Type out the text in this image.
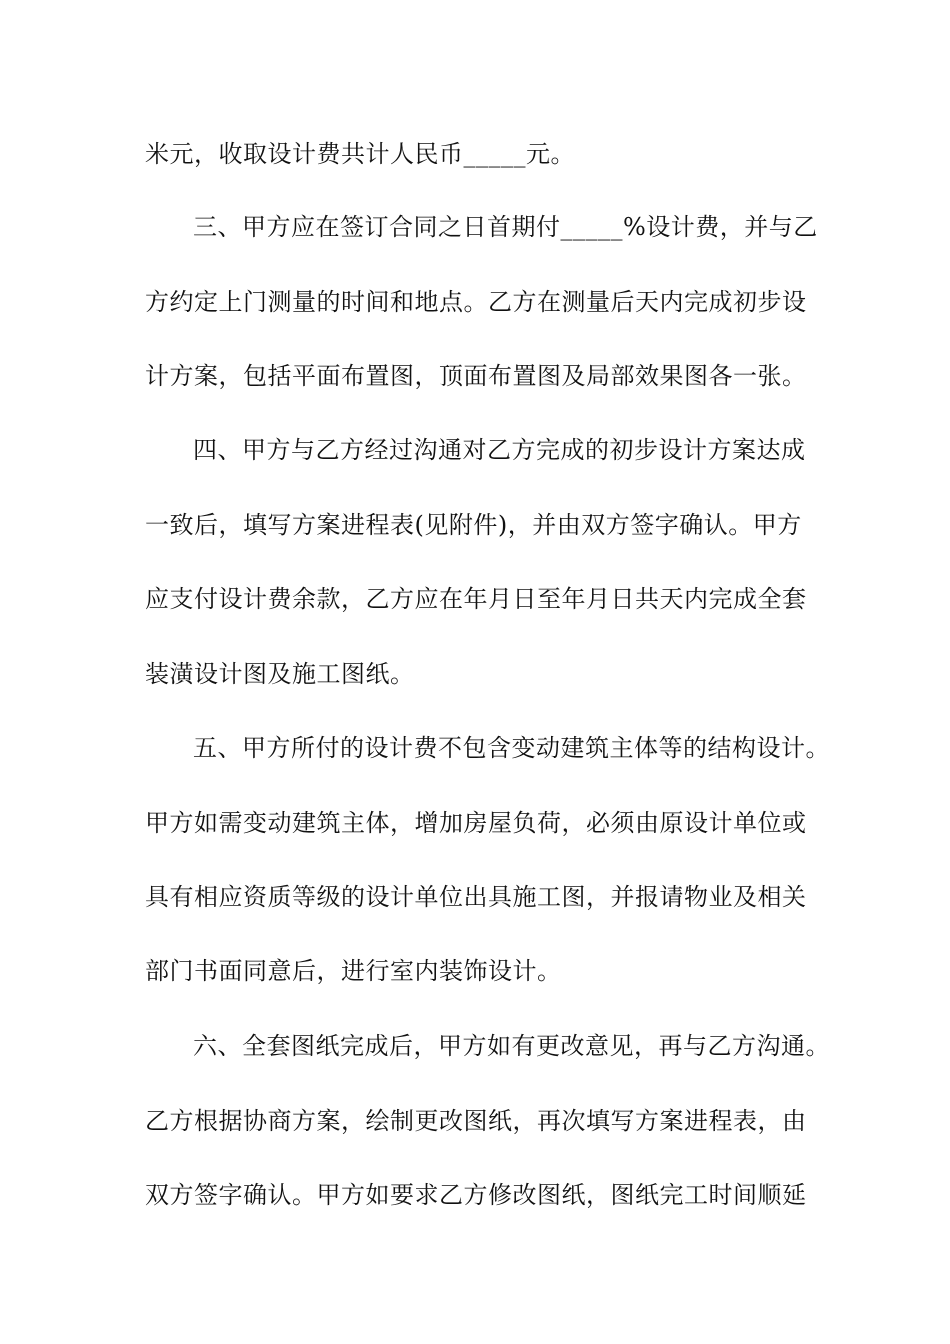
米元，收取设计费共计人民币_____元。
三、甲方应在签订合同之日首期付_____%设计费，并与乙
方约定上门测量的时间和地点。乙方在测量后天内完成初步设
计方案，包括平面布置图，顶面布置图及局部效果图各一张。
四、甲方与乙方经过沟通对乙方完成的初步设计方案达成
一致后，填写方案进程表(见附件)，并由双方签字确认。甲方
应支付设计费余款，乙方应在年月日至年月日共天内完成全套
装潢设计图及施工图纸。
五、甲方所付的设计费不包含变动建筑主体等的结构设计。
甲方如需变动建筑主体，增加房屋负荷，必须由原设计单位或
具有相应资质等级的设计单位出具施工图，并报请物业及相关
部门书面同意后，进行室内装饰设计。
六、全套图纸完成后，甲方如有更改意见，再与乙方沟通。
乙方根据协商方案，绘制更改图纸，再次填写方案进程表，由
双方签字确认。甲方如要求乙方修改图纸，图纸完工时间顺延
